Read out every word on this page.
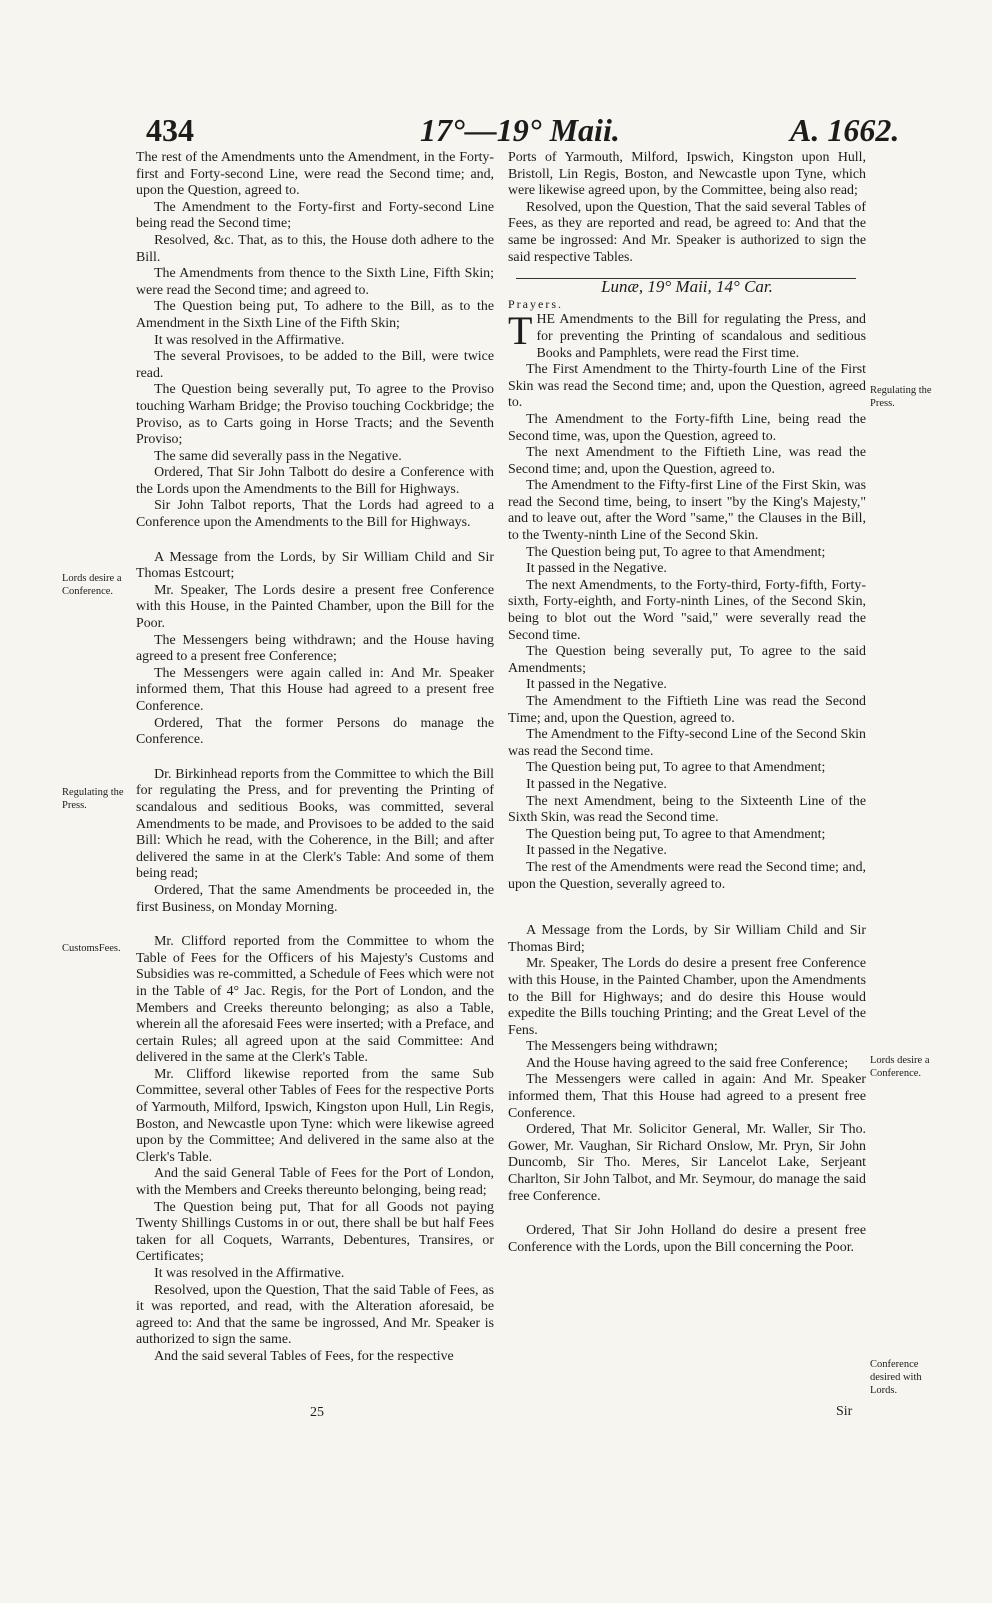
434	17°—19° Maii.	A. 1662.

The rest of the Amendments unto the Amendment, in the Forty-first and Forty-second Line, were read the Second time; and, upon the Question, agreed to.

The Amendment to the Forty-first and Forty-second Line being read the Second time;

Resolved, &c. That, as to this, the House doth adhere to the Bill.

The Amendments from thence to the Sixth Line, Fifth Skin; were read the Second time; and agreed to.

The Question being put, To adhere to the Bill, as to the Amendment in the Sixth Line of the Fifth Skin;

It was resolved in the Affirmative.

The several Provisoes, to be added to the Bill, were twice read.

The Question being severally put, To agree to the Proviso touching Warham Bridge; the Proviso touching Cockbridge; the Proviso, as to Carts going in Horse Tracts; and the Seventh Proviso;

The same did severally pass in the Negative.

Ordered, That Sir John Talbott do desire a Conference with the Lords upon the Amendments to the Bill for Highways.

Sir John Talbot reports, That the Lords had agreed to a Conference upon the Amendments to the Bill for Highways.

A Message from the Lords, by Sir William Child and Sir Thomas Estcourt;

Mr. Speaker, The Lords desire a present free Conference with this House, in the Painted Chamber, upon the Bill for the Poor.

The Messengers being withdrawn; and the House having agreed to a present free Conference;

The Messengers were again called in: And Mr. Speaker informed them, That this House had agreed to a present free Conference.

Ordered, That the former Persons do manage the Conference.

Dr. Birkinhead reports from the Committee to which the Bill for regulating the Press, and for preventing the Printing of scandalous and seditious Books, was committed, several Amendments to be made, and Provisoes to be added to the said Bill: Which he read, with the Coherence, in the Bill; and after delivered the same in at the Clerk's Table: And some of them being read;

Ordered, That the same Amendments be proceeded in, the first Business, on Monday Morning.

Mr. Clifford reported from the Committee to whom the Table of Fees for the Officers of his Majesty's Customs and Subsidies was re-committed, a Schedule of Fees which were not in the Table of 4° Jac. Regis, for the Port of London, and the Members and Creeks thereunto belonging; as also a Table, wherein all the aforesaid Fees were inserted; with a Preface, and certain Rules; all agreed upon at the said Committee: And delivered in the same at the Clerk's Table.

Mr. Clifford likewise reported from the same Sub Committee, several other Tables of Fees for the respective Ports of Yarmouth, Milford, Ipswich, Kingston upon Hull, Lin Regis, Boston, and Newcastle upon Tyne: which were likewise agreed upon by the Committee; And delivered in the same also at the Clerk's Table.

And the said General Table of Fees for the Port of London, with the Members and Creeks thereunto belonging, being read;

The Question being put, That for all Goods not paying Twenty Shillings Customs in or out, there shall be but half Fees taken for all Coquets, Warrants, Debentures, Transires, or Certificates;

It was resolved in the Affirmative.

Resolved, upon the Question, That the said Table of Fees, as it was reported, and read, with the Alteration aforesaid, be agreed to: And that the same be ingrossed, And Mr. Speaker is authorized to sign the same.

And the said several Tables of Fees, for the respective

Ports of Yarmouth, Milford, Ipswich, Kingston upon Hull, Bristoll, Lin Regis, Boston, and Newcastle upon Tyne, which were likewise agreed upon, by the Committee, being also read;

Resolved, upon the Question, That the said several Tables of Fees, as they are reported and read, be agreed to: And that the same be ingrossed: And Mr. Speaker is authorized to sign the said respective Tables.

Lunæ, 19° Maii, 14° Car.

Prayers.

THE Amendments to the Bill for regulating the Press, and for preventing the Printing of scandalous and seditious Books and Pamphlets, were read the First time.

The First Amendment to the Thirty-fourth Line of the First Skin was read the Second time; and, upon the Question, agreed to.

The Amendment to the Forty-fifth Line, being read the Second time, was, upon the Question, agreed to.

The next Amendment to the Fiftieth Line, was read the Second time; and, upon the Question, agreed to.

The Amendment to the Fifty-first Line of the First Skin, was read the Second time, being, to insert "by the King's Majesty," and to leave out, after the Word "same," the Clauses in the Bill, to the Twenty-ninth Line of the Second Skin.

The Question being put, To agree to that Amendment;

It passed in the Negative.

The next Amendments, to the Forty-third, Forty-fifth, Forty-sixth, Forty-eighth, and Forty-ninth Lines, of the Second Skin, being to blot out the Word "said," were severally read the Second time.

The Question being severally put, To agree to the said Amendments;

It passed in the Negative.

The Amendment to the Fiftieth Line was read the Second Time; and, upon the Question, agreed to.

The Amendment to the Fifty-second Line of the Second Skin was read the Second time.

The Question being put, To agree to that Amendment;

It passed in the Negative.

The next Amendment, being to the Sixteenth Line of the Sixth Skin, was read the Second time.

The Question being put, To agree to that Amendment;

It passed in the Negative.

The rest of the Amendments were read the Second time; and, upon the Question, severally agreed to.

A Message from the Lords, by Sir William Child and Sir Thomas Bird;

Mr. Speaker, The Lords do desire a present free Conference with this House, in the Painted Chamber, upon the Amendments to the Bill for Highways; and do desire this House would expedite the Bills touching Printing; and the Great Level of the Fens.

The Messengers being withdrawn;

And the House having agreed to the said free Conference;

The Messengers were called in again: And Mr. Speaker informed them, That this House had agreed to a present free Conference.

Ordered, That Mr. Solicitor General, Mr. Waller, Sir Tho. Gower, Mr. Vaughan, Sir Richard Onslow, Mr. Pryn, Sir John Duncomb, Sir Tho. Meres, Sir Lancelot Lake, Serjeant Charlton, Sir John Talbot, and Mr. Seymour, do manage the said free Conference.

Ordered, That Sir John Holland do desire a present free Conference with the Lords, upon the Bill concerning the Poor.

Lords desire a Conference.
Regulating the Press.
CustomsFees.
Regulating the Press.
Lords desire a Conference.
Conference desired with Lords.
25	Sir
